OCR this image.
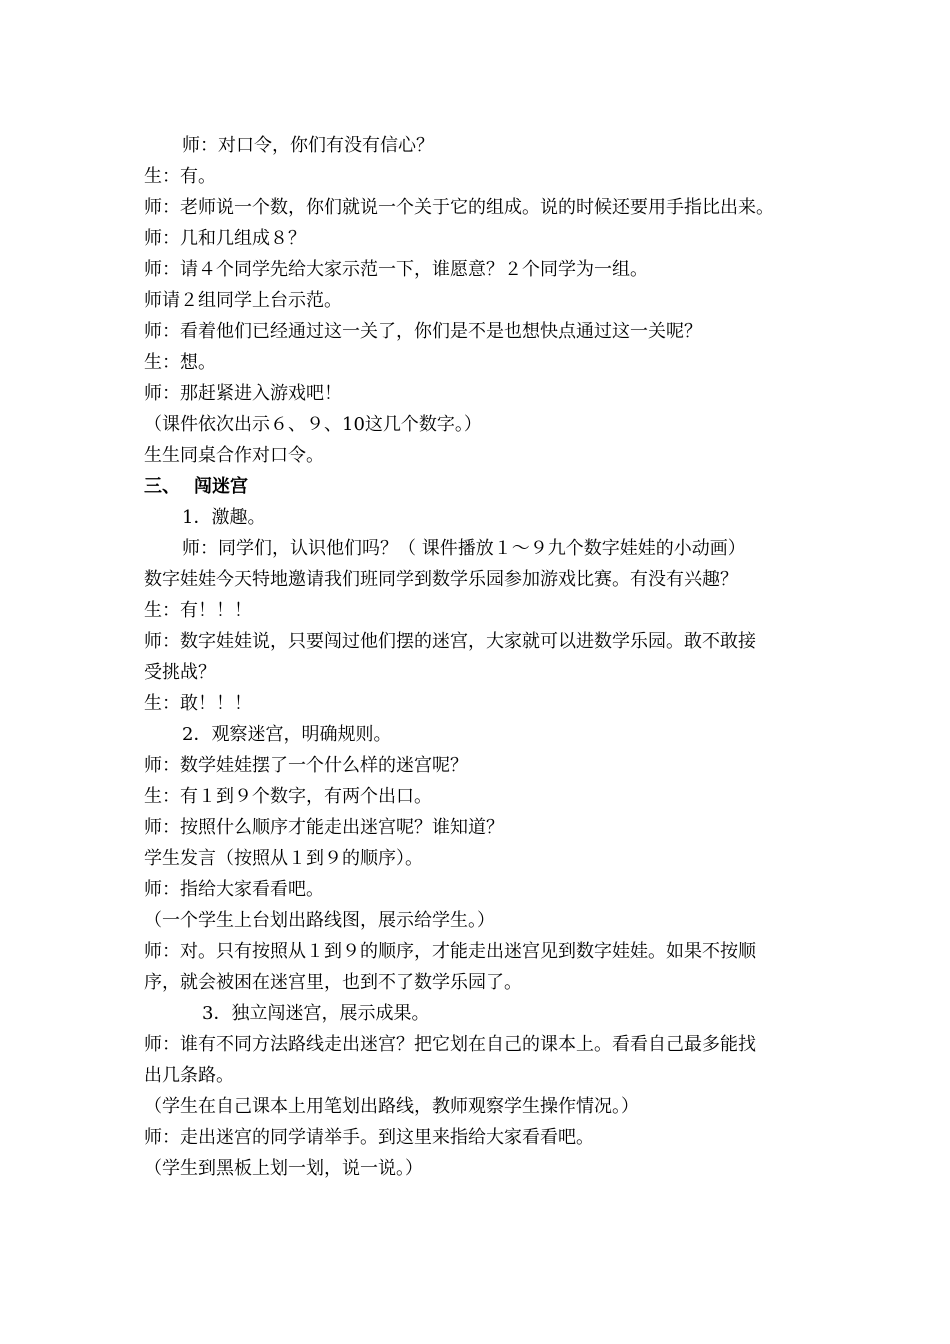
师：对口令，你们有没有信心？
生：有。
师：老师说一个数，你们就说一个关于它的组成。说的时候还要用手指比出来。
师：几和几组成８？
师：请４个同学先给大家示范一下，谁愿意？２个同学为一组。
师请２组同学上台示范。
师：看着他们已经通过这一关了，你们是不是也想快点通过这一关呢？
生：想。
师：那赶紧进入游戏吧！
（课件依次出示６、９、10这几个数字。）
生生同桌合作对口令。
三、 闯迷宫
1．激趣。
师：同学们，认识他们吗？（ 课件播放１～９九个数字娃娃的小动画）
数字娃娃今天特地邀请我们班同学到数学乐园参加游戏比赛。有没有兴趣？
生：有！！！
师：数字娃娃说，只要闯过他们摆的迷宫，大家就可以进数学乐园。敢不敢接
受挑战？
生：敢！！！
2．观察迷宫，明确规则。
师：数学娃娃摆了一个什么样的迷宫呢？
生：有１到９个数字，有两个出口。
师：按照什么顺序才能走出迷宫呢？谁知道？
学生发言（按照从１到９的顺序）。
师：指给大家看看吧。
（一个学生上台划出路线图，展示给学生。）
师：对。只有按照从１到９的顺序，才能走出迷宫见到数字娃娃。如果不按顺
序，就会被困在迷宫里，也到不了数学乐园了。
3．独立闯迷宫，展示成果。
师：谁有不同方法路线走出迷宫？把它划在自己的课本上。看看自己最多能找
出几条路。
（学生在自己课本上用笔划出路线，教师观察学生操作情况。）
师：走出迷宫的同学请举手。到这里来指给大家看看吧。
（学生到黑板上划一划，说一说。）
